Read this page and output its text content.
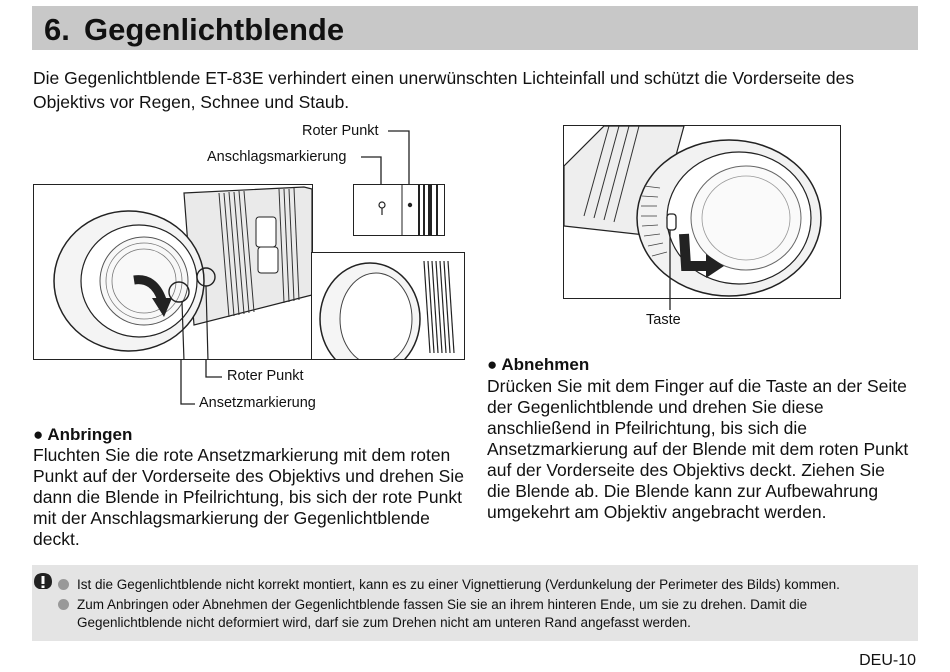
6. Gegenlichtblende
Die Gegenlichtblende ET-83E verhindert einen unerwünschten Lichteinfall und schützt die Vorderseite des Objektivs vor Regen, Schnee und Staub.
Roter Punkt
Anschlagsmarkierung
Roter Punkt
Ansetzmarkierung
Taste
● Anbringen
Fluchten Sie die rote Ansetzmarkierung mit dem roten Punkt auf der Vorderseite des Objektivs und drehen Sie dann die Blende in Pfeilrichtung, bis sich der rote Punkt mit der Anschlagsmarkierung der Gegenlichtblende deckt.
● Abnehmen
Drücken Sie mit dem Finger auf die Taste an der Seite der Gegenlichtblende und drehen Sie diese anschließend in Pfeilrichtung, bis sich die Ansetzmarkierung auf der Blende mit dem roten Punkt auf der Vorderseite des Objektivs deckt. Ziehen Sie die Blende ab. Die Blende kann zur Aufbewahrung umgekehrt am Objektiv angebracht werden.
Ist die Gegenlichtblende nicht korrekt montiert, kann es zu einer Vignettierung (Verdunkelung der Perimeter des Bilds) kommen.
Zum Anbringen oder Abnehmen der Gegenlichtblende fassen Sie sie an ihrem hinteren Ende, um sie zu drehen. Damit die Gegenlichtblende nicht deformiert wird, darf sie zum Drehen nicht am unteren Rand angefasst werden.
DEU-10
